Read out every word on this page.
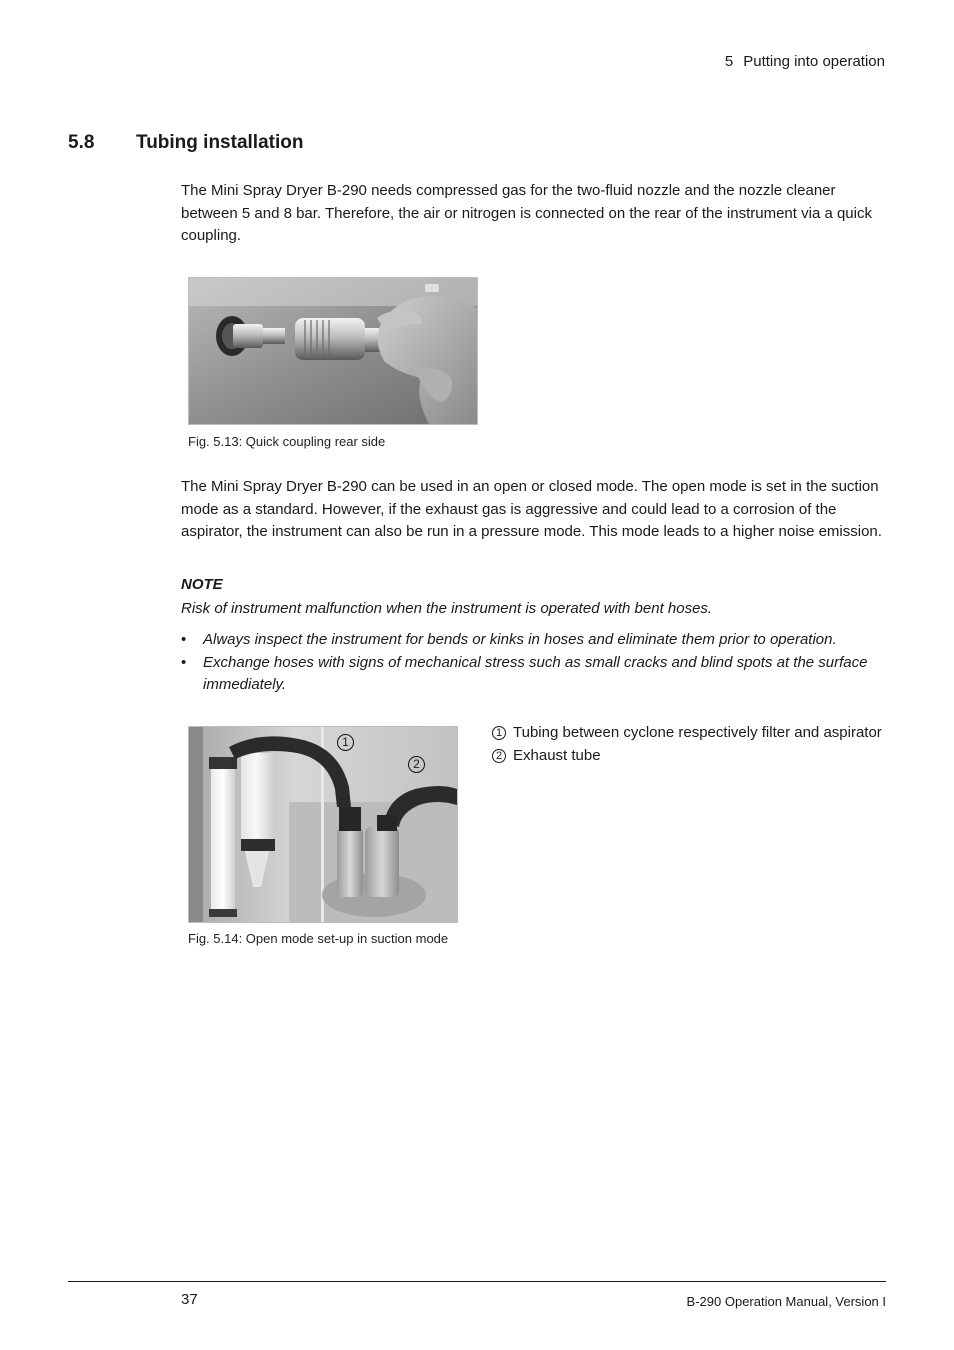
5 Putting into operation
5.8 Tubing installation
The Mini Spray Dryer B-290 needs compressed gas for the two-fluid nozzle and the nozzle cleaner between 5 and 8 bar. Therefore, the air or nitrogen is connected on the rear of the instrument via a quick coupling.
Fig. 5.13: Quick coupling rear side
The Mini Spray Dryer B-290 can be used in an open or closed mode. The open mode is set in the suction mode as a standard. However, if the exhaust gas is aggressive and could lead to a corrosion of the aspirator, the instrument can also be run in a pressure mode. This mode leads to a higher noise emission.
NOTE
Risk of instrument malfunction when the instrument is operated with bent hoses.
• Always inspect the instrument for bends or kinks in hoses and eliminate them prior to operation.
• Exchange hoses with signs of mechanical stress such as small cracks and blind spots at the surface immediately.
1
2
Fig. 5.14: Open mode set-up in suction mode
1 Tubing between cyclone respectively filter and aspirator
2 Exhaust tube
37	B-290 Operation Manual, Version I
